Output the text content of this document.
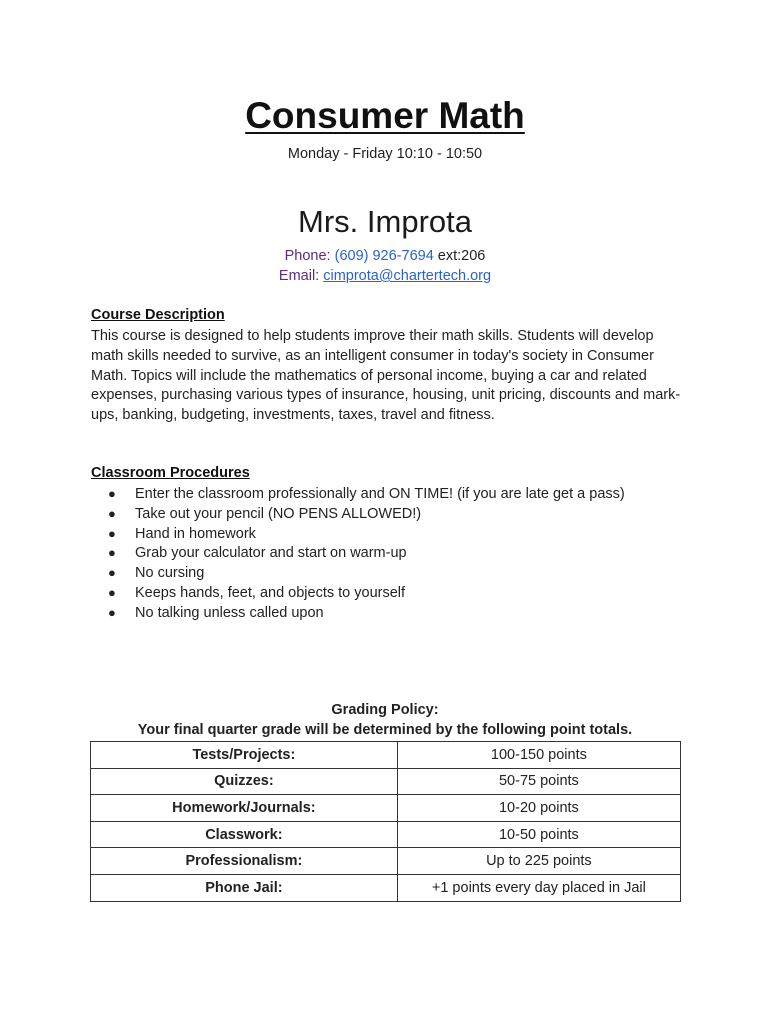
Consumer Math
Monday - Friday 10:10 - 10:50
Mrs. Improta
Phone: (609) 926-7694 ext:206
Email: cimprota@chartertech.org
Course Description
This course is designed to help students improve their math skills. Students will develop
math skills needed to survive, as an intelligent consumer in today's society in Consumer
Math. Topics will include the mathematics of personal income, buying a car and related
expenses, purchasing various types of insurance, housing, unit pricing, discounts and mark-
ups, banking, budgeting, investments, taxes, travel and fitness.
Classroom Procedures
● Enter the classroom professionally and ON TIME! (if you are late get a pass)
● Take out your pencil (NO PENS ALLOWED!)
● Hand in homework
● Grab your calculator and start on warm-up
● No cursing
● Keeps hands, feet, and objects to yourself
● No talking unless called upon
Grading Policy:
Your final quarter grade will be determined by the following point totals.
Tests/Projects:	100-150 points
Quizzes:	50-75 points
Homework/Journals:	10-20 points
Classwork:	10-50 points
Professionalism:	Up to 225 points
Phone Jail:	+1 points every day placed in Jail
